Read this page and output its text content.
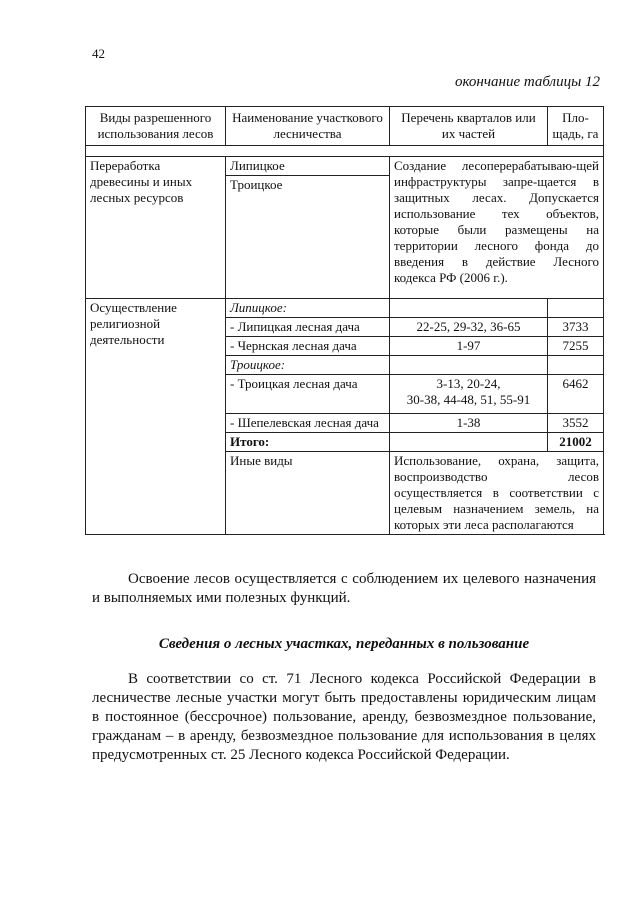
42
окончание таблицы 12
Виды разрешенного использования лесов	Наименование участкового лесничества	Перечень кварталов или их частей	Пло-щадь, га

Переработка древесины и иных лесных ресурсов	Липицкое	Создание лесоперерабатываю-щей инфраструктуры запре-щается в защитных лесах. Допускается использование тех объектов, которые были размещены на территории лесного фонда до введения в действие Лесного кодекса РФ (2006 г.).	
	Троицкое		
Осуществление религиозной деятельности	Липицкое:		
	- Липицкая лесная дача	22-25, 29-32, 36-65	3733
	- Чернская лесная дача	1-97	7255
	Троицкое:		
	- Троицкая лесная дача	3-13, 20-24,
30-38, 44-48, 51, 55-91	6462
	- Шепелевская лесная дача	1-38	3552
	Итого:		21002
	Иные виды	Использование, охрана, защита, воспроизводство лесов осуществляется в соответствии с целевым назначением земель, на которых эти леса располагаются	

Освоение лесов осуществляется с соблюдением их целевого назначения и выполняемых ими полезных функций.

Сведения о лесных участках, переданных в пользование

В соответствии со ст. 71 Лесного кодекса Российской Федерации в лесничестве лесные участки могут быть предоставлены юридическим лицам в постоянное (бессрочное) пользование, аренду, безвозмездное пользование, гражданам – в аренду, безвозмездное пользование для использования в целях предусмотренных ст. 25 Лесного кодекса Российской Федерации.
